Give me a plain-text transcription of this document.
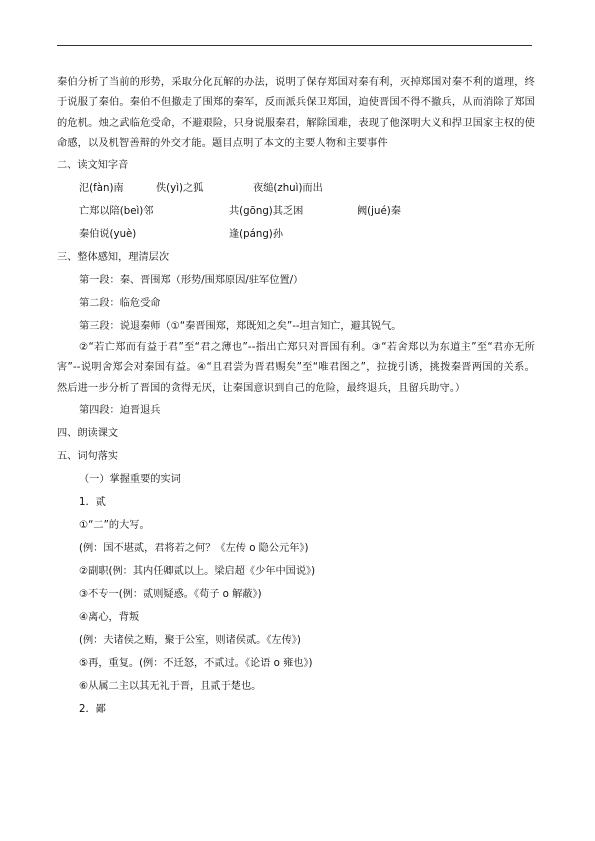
秦伯分析了当前的形势，采取分化瓦解的办法，说明了保存郑国对秦有利，灭掉郑国对秦不利的道理，终于说服了秦伯。秦伯不但撤走了围郑的秦军，反而派兵保卫郑国，迫使晋国不得不撤兵，从而消除了郑国的危机。烛之武临危受命，不避艰险，只身说服秦君，解除国难，表现了他深明大义和捍卫国家主权的使命感，以及机智善辩的外交才能。题目点明了本文的主要人物和主要事件

二、读文知字音
氾(fàn)南	佚(yì)之狐	夜缒(zhuì)而出
亡郑以陪(beì)邻	共(gōng)其乏困	阙(jué)秦
秦伯说(yuè)	逢(páng)孙
三、整体感知，理清层次
第一段：秦、晋围郑（形势/围郑原因/驻军位置/）
第二段：临危受命
第三段：说退秦师（①“秦晋围郑，郑既知之矣”--坦言知亡，避其锐气。

②“若亡郑而有益于君”至“君之薄也”--指出亡郑只对晋国有利。③“若舍郑以为东道主”至“君亦无所害”--说明舍郑会对秦国有益。④“且君尝为晋君赐矣”至“唯君图之”，拉拢引诱，挑拨秦晋两国的关系。然后进一步分析了晋国的贪得无厌，让秦国意识到自己的危险，最终退兵，且留兵助守。）

第四段：迫晋退兵
四、朗读课文
五、词句落实
（一）掌握重要的实词
1．贰
①“二”的大写。
(例：国不堪贰，君将若之何？《左传 o 隐公元年》)
②副职(例：其内任卿贰以上。梁启超《少年中国说》)
③不专一(例：贰则疑惑。《荀子 o 解蔽》)
④离心，背叛
(例：夫诸侯之贿，聚于公室，则诸侯贰。《左传》)
⑤再，重复。(例：不迁怒，不贰过。《论语 o 雍也》)
⑥从属二主以其无礼于晋，且贰于楚也。
2．鄙
